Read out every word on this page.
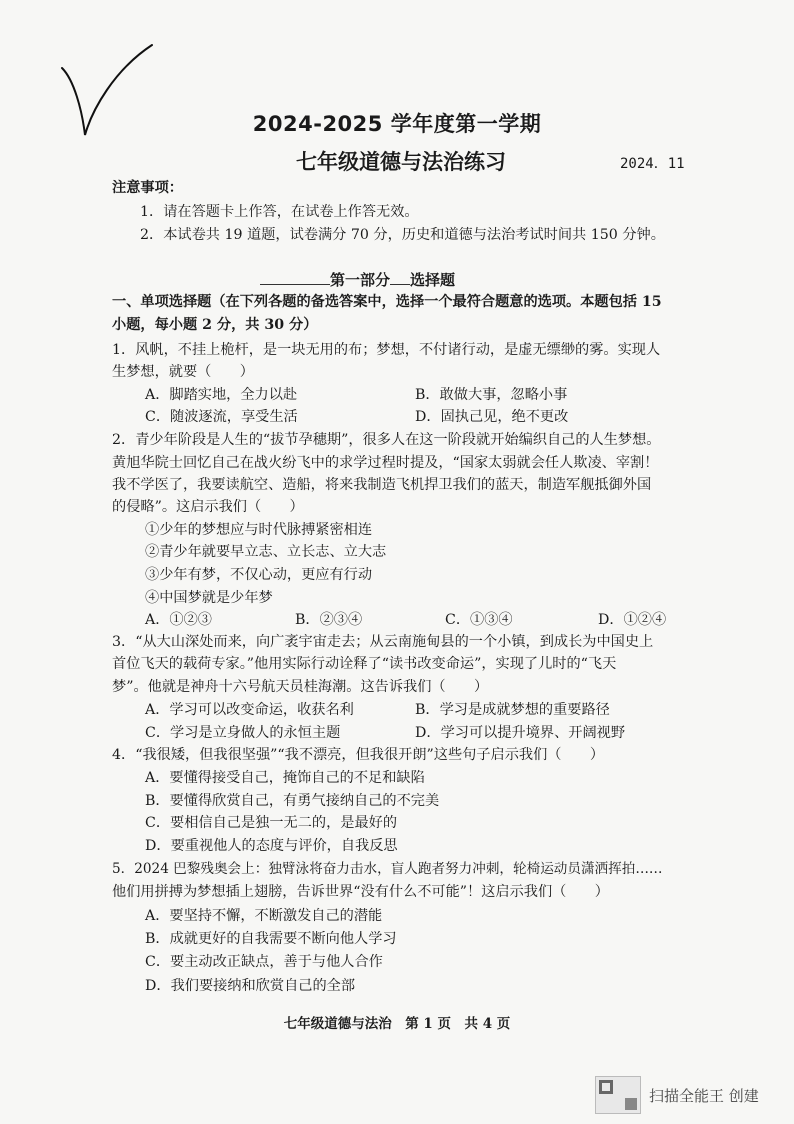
2024-2025 学年度第一学期
七年级道德与法治练习	2024．11
注意事项：
1．请在答题卡上作答，在试卷上作答无效。
2．本试卷共 19 道题，试卷满分 70 分，历史和道德与法治考试时间共 150 分钟。
第一部分 选择题
一、单项选择题（在下列各题的备选答案中，选择一个最符合题意的选项。本题包括 15
小题，每小题 2 分，共 30 分）
1．风帆，不挂上桅杆，是一块无用的布；梦想，不付诸行动，是虚无缥缈的雾。实现人
生梦想，就要（　　）
A．脚踏实地，全力以赴	B．敢做大事，忽略小事
C．随波逐流，享受生活	D．固执己见，绝不更改
2．青少年阶段是人生的“拔节孕穗期”，很多人在这一阶段就开始编织自己的人生梦想。
黄旭华院士回忆自己在战火纷飞中的求学过程时提及，“国家太弱就会任人欺凌、宰割！
我不学医了，我要读航空、造船，将来我制造飞机捍卫我们的蓝天，制造军舰抵御外国
的侵略”。这启示我们（　　）
①少年的梦想应与时代脉搏紧密相连
②青少年就要早立志、立长志、立大志
③少年有梦，不仅心动，更应有行动
④中国梦就是少年梦
A．①②③	B．②③④	C．①③④	D．①②④
3．“从大山深处而来，向广袤宇宙走去；从云南施甸县的一个小镇，到成长为中国史上
首位飞天的载荷专家。”他用实际行动诠释了“读书改变命运”，实现了儿时的“飞天
梦”。他就是神舟十六号航天员桂海潮。这告诉我们（　　）
A．学习可以改变命运，收获名利	B．学习是成就梦想的重要路径
C．学习是立身做人的永恒主题	D．学习可以提升境界、开阔视野
4．“我很矮，但我很坚强”“我不漂亮，但我很开朗”这些句子启示我们（　　）
A．要懂得接受自己，掩饰自己的不足和缺陷
B．要懂得欣赏自己，有勇气接纳自己的不完美
C．要相信自己是独一无二的，是最好的
D．要重视他人的态度与评价，自我反思
5．2024 巴黎残奥会上：独臂泳将奋力击水，盲人跑者努力冲刺，轮椅运动员潇洒挥拍……
他们用拼搏为梦想插上翅膀，告诉世界“没有什么不可能”！这启示我们（　　）
A．要坚持不懈，不断激发自己的潜能
B．成就更好的自我需要不断向他人学习
C．要主动改正缺点，善于与他人合作
D．我们要接纳和欣赏自己的全部
七年级道德与法治　第 1 页　共 4 页
扫描全能王 创建
